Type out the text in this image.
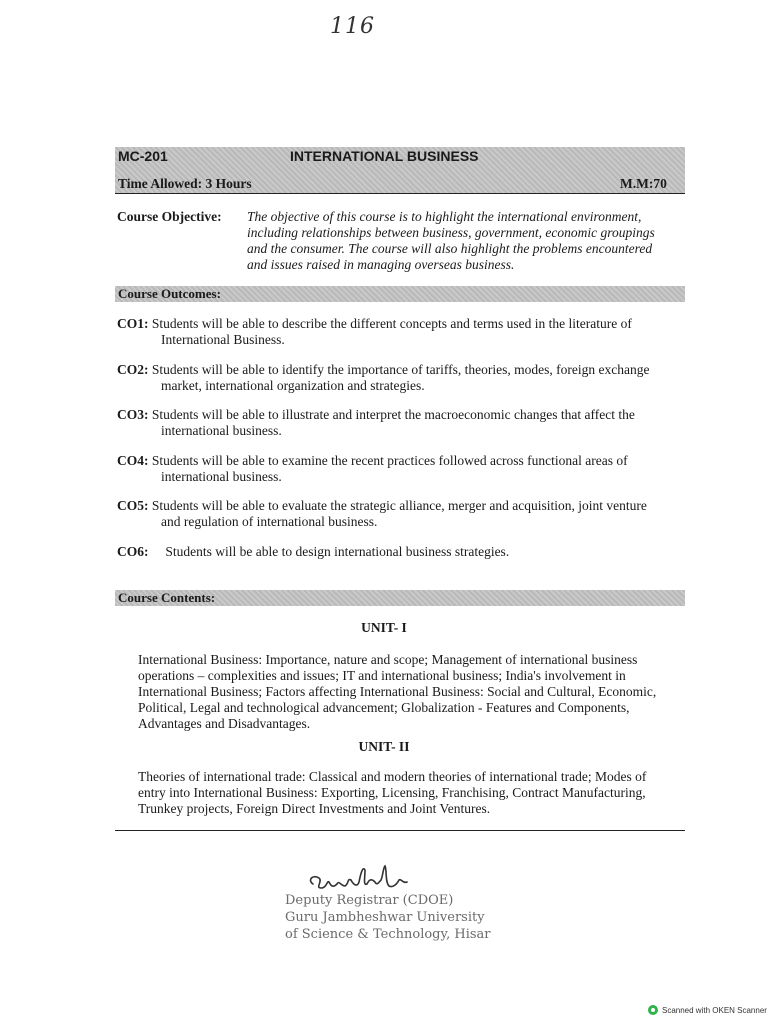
116
MC-201	INTERNATIONAL BUSINESS
Time Allowed: 3 Hours	M.M:70
Course Objective: The objective of this course is to highlight the international environment,
including relationships between business, government, economic groupings
and the consumer. The course will also highlight the problems encountered
and issues raised in managing overseas business.
Course Outcomes:
CO1: Students will be able to describe the different concepts and terms used in the literature of
International Business.
CO2: Students will be able to identify the importance of tariffs, theories, modes, foreign exchange
market, international organization and strategies.
CO3: Students will be able to illustrate and interpret the macroeconomic changes that affect the
international business.
CO4: Students will be able to examine the recent practices followed across functional areas of
international business.
CO5: Students will be able to evaluate the strategic alliance, merger and acquisition, joint venture
and regulation of international business.
CO6:     Students will be able to design international business strategies.
Course Contents:
UNIT- I
International Business: Importance, nature and scope; Management of international business
operations – complexities and issues; IT and international business; India's involvement in
International Business; Factors affecting International Business: Social and Cultural, Economic,
Political, Legal and technological advancement; Globalization - Features and Components,
Advantages and Disadvantages.
UNIT- II
Theories of international trade: Classical and modern theories of international trade; Modes of
entry into International Business: Exporting, Licensing, Franchising, Contract Manufacturing,
Trunkey projects, Foreign Direct Investments and Joint Ventures.
Deputy Registrar (CDOE)
Guru Jambheshwar University
of Science & Technology, Hisar
Scanned with OKEN Scanner
